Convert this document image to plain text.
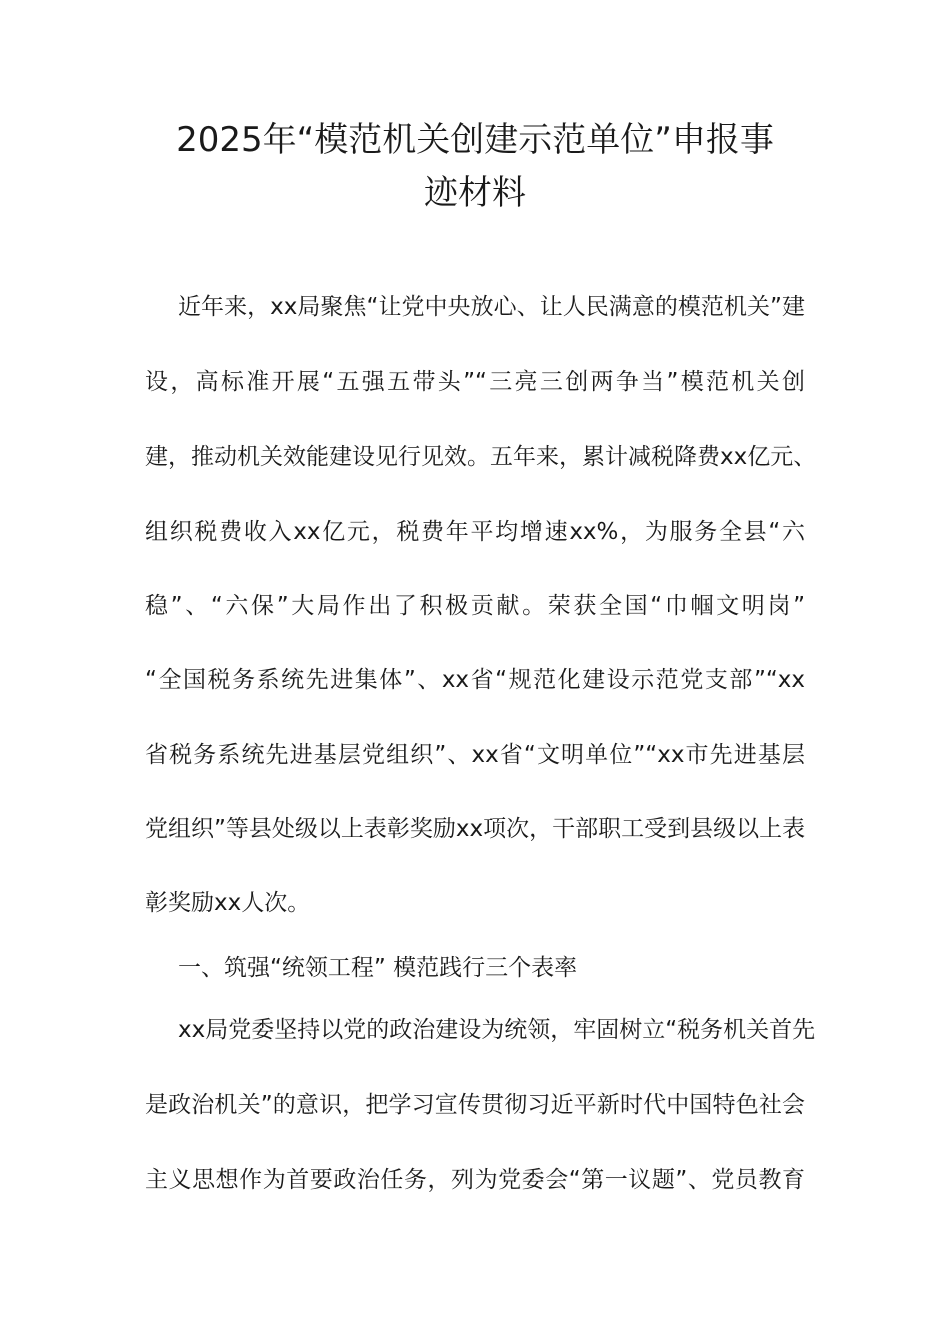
2025年“模范机关创建示范单位”申报事
迹材料
近年来，xx局聚焦“让党中央放心、让人民满意的模范机关”建
设，高标准开展“五强五带头”“三亮三创两争当”模范机关创
建，推动机关效能建设见行见效。五年来，累计减税降费xx亿元、
组织税费收入xx亿元，税费年平均增速xx%，为服务全县“六
稳”、“六保”大局作出了积极贡献。荣获全国“巾帼文明岗”
“全国税务系统先进集体”、xx省“规范化建设示范党支部”“xx
省税务系统先进基层党组织”、xx省“文明单位”“xx市先进基层
党组织”等县处级以上表彰奖励xx项次，干部职工受到县级以上表
彰奖励xx人次。
一、筑强“统领工程” 模范践行三个表率
xx局党委坚持以党的政治建设为统领，牢固树立“税务机关首先
是政治机关”的意识，把学习宣传贯彻习近平新时代中国特色社会
主义思想作为首要政治任务，列为党委会“第一议题”、党员教育
